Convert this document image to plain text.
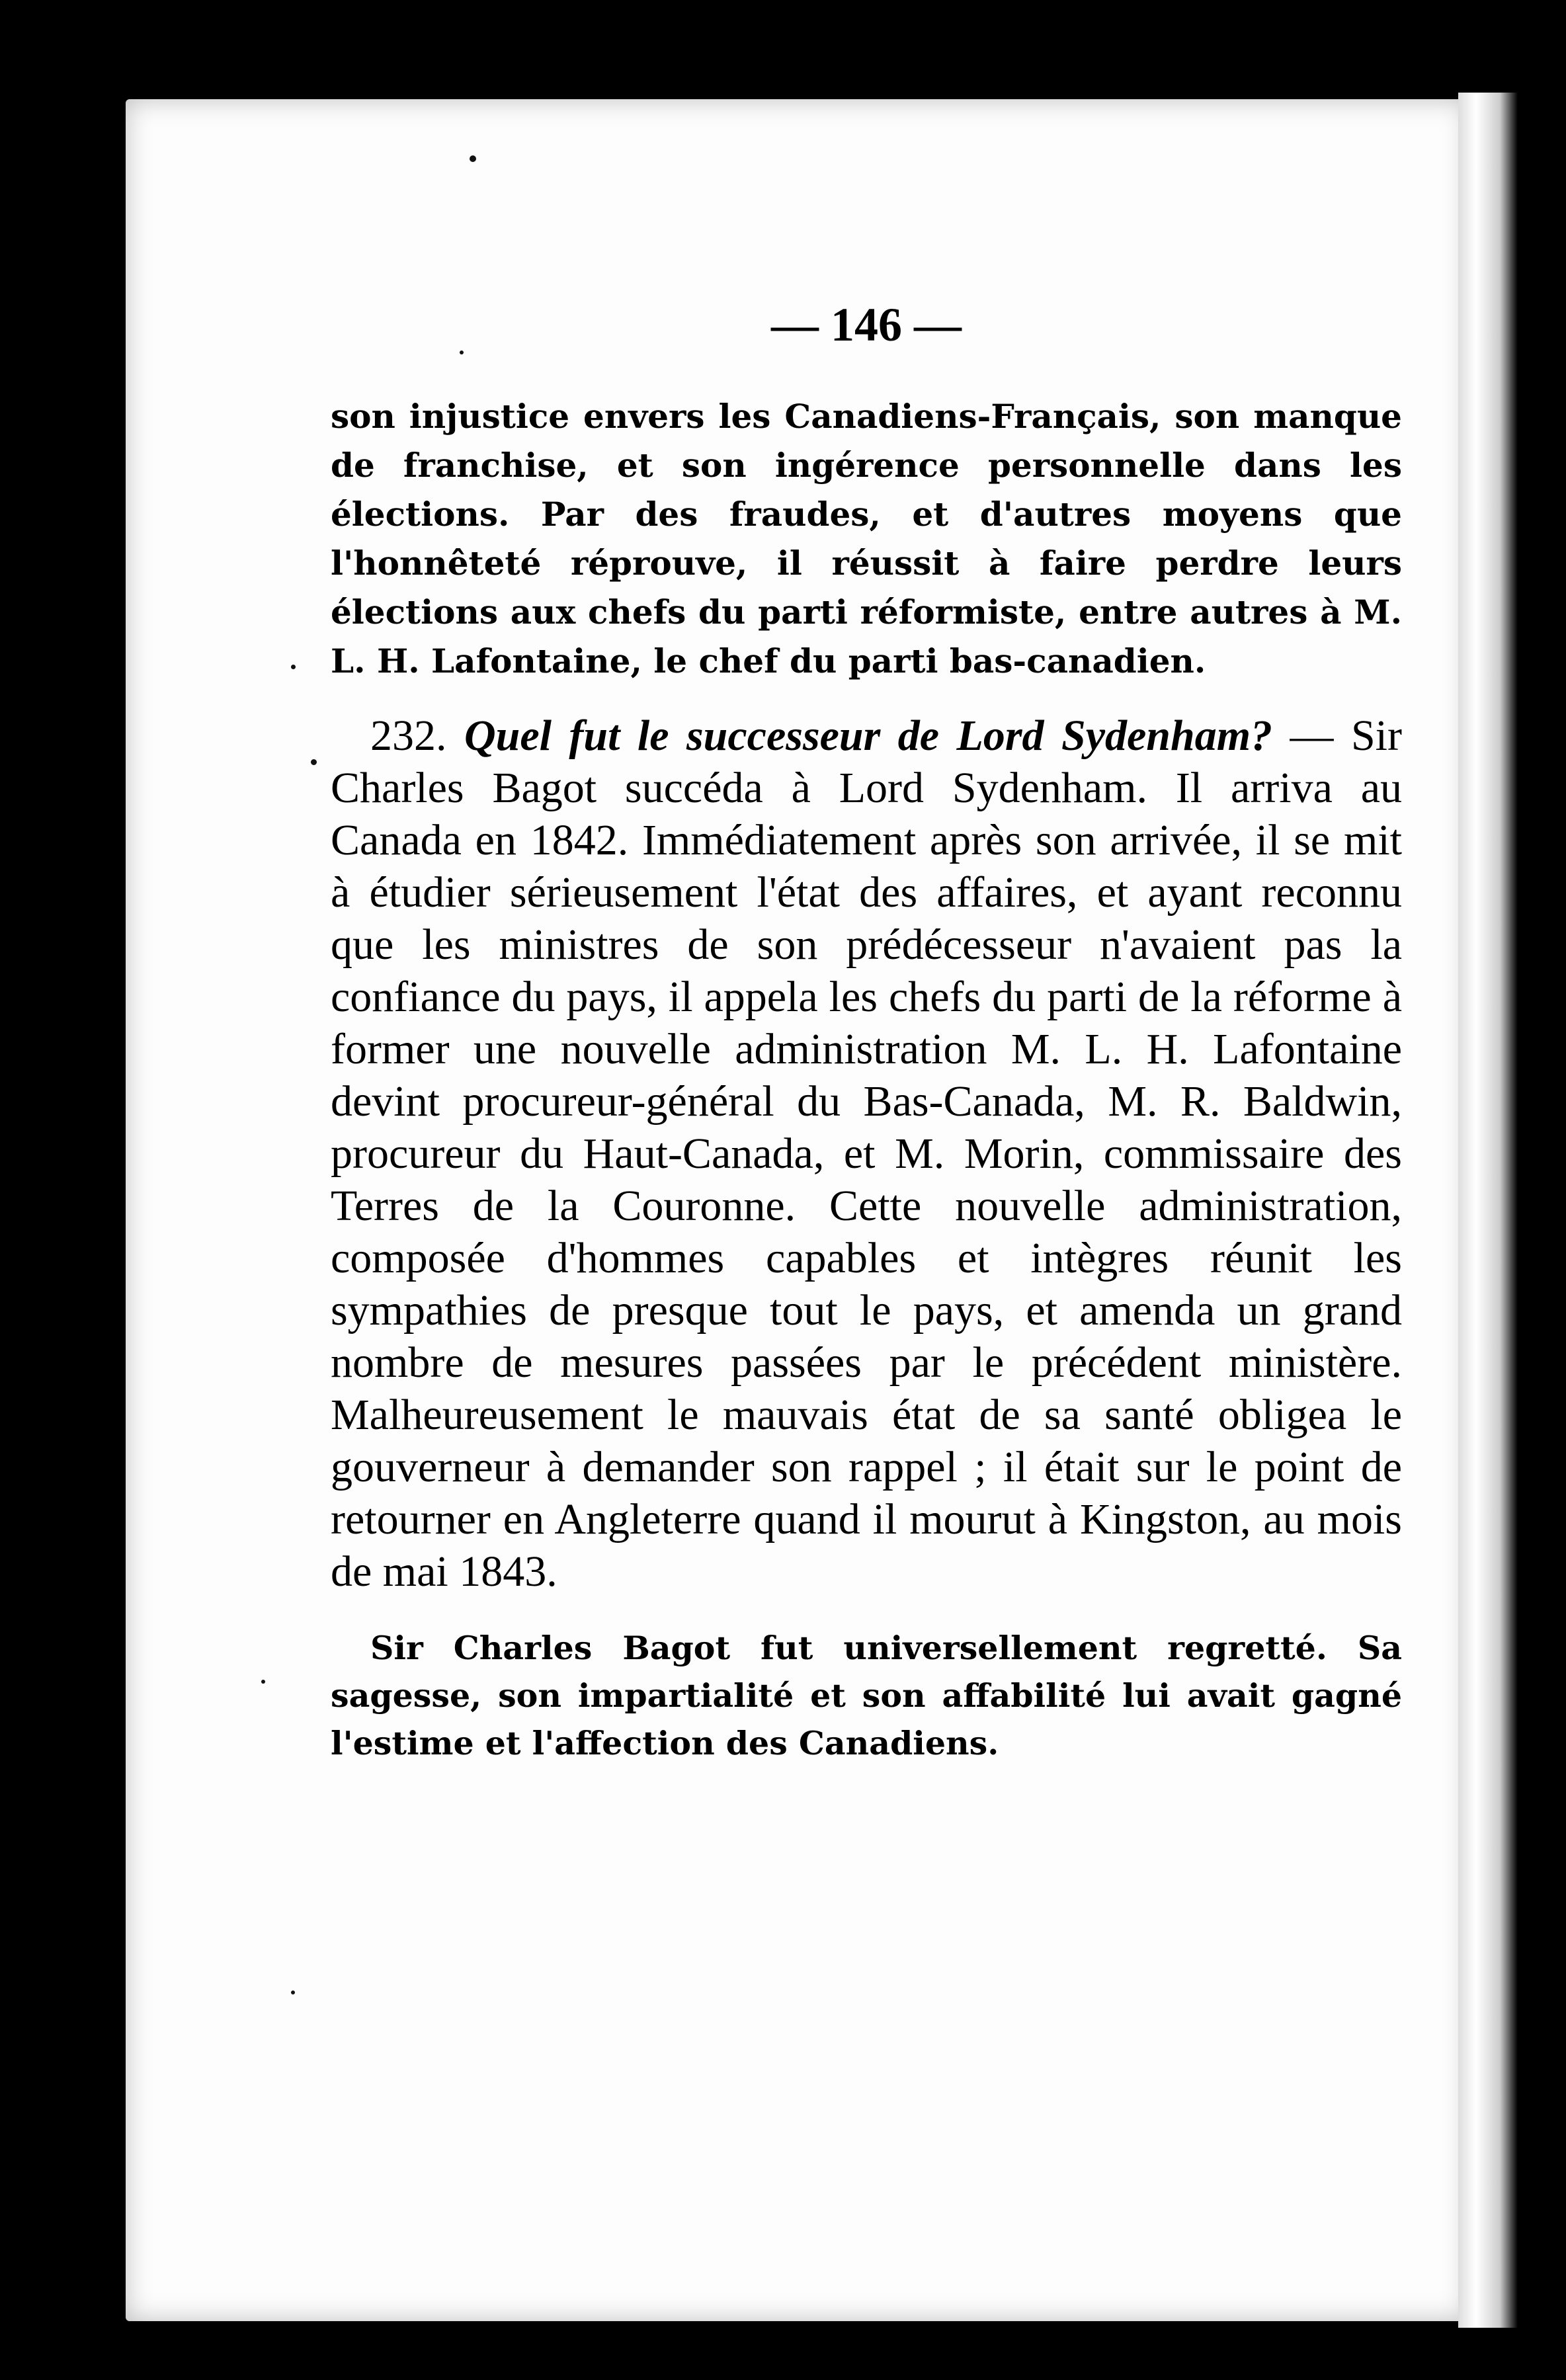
— 146 —

son injustice envers les Canadiens-Français, son manque de franchise, et son ingérence personnelle dans les élections. Par des fraudes, et d'autres moyens que l'honnêteté réprouve, il réussit à faire perdre leurs élections aux chefs du parti réformiste, entre autres à M. L. H. Lafontaine, le chef du parti bas-canadien.

232. Quel fut le successeur de Lord Sydenham? — Sir Charles Bagot succéda à Lord Sydenham. Il arriva au Canada en 1842. Immédiatement après son arrivée, il se mit à étudier sérieusement l'état des affaires, et ayant reconnu que les ministres de son prédécesseur n'avaient pas la confiance du pays, il appela les chefs du parti de la réforme à former une nouvelle administration M. L. H. Lafontaine devint procureur-général du Bas-Canada, M. R. Baldwin, procureur du Haut-Canada, et M. Morin, commissaire des Terres de la Couronne. Cette nouvelle administration, composée d'hommes capables et intègres réunit les sympathies de presque tout le pays, et amenda un grand nombre de mesures passées par le précédent ministère. Malheureusement le mauvais état de sa santé obligea le gouverneur à demander son rappel ; il était sur le point de retourner en Angleterre quand il mourut à Kingston, au mois de mai 1843.

Sir Charles Bagot fut universellement regretté. Sa sagesse, son impartialité et son affabilité lui avait gagné l'estime et l'affection des Canadiens.
